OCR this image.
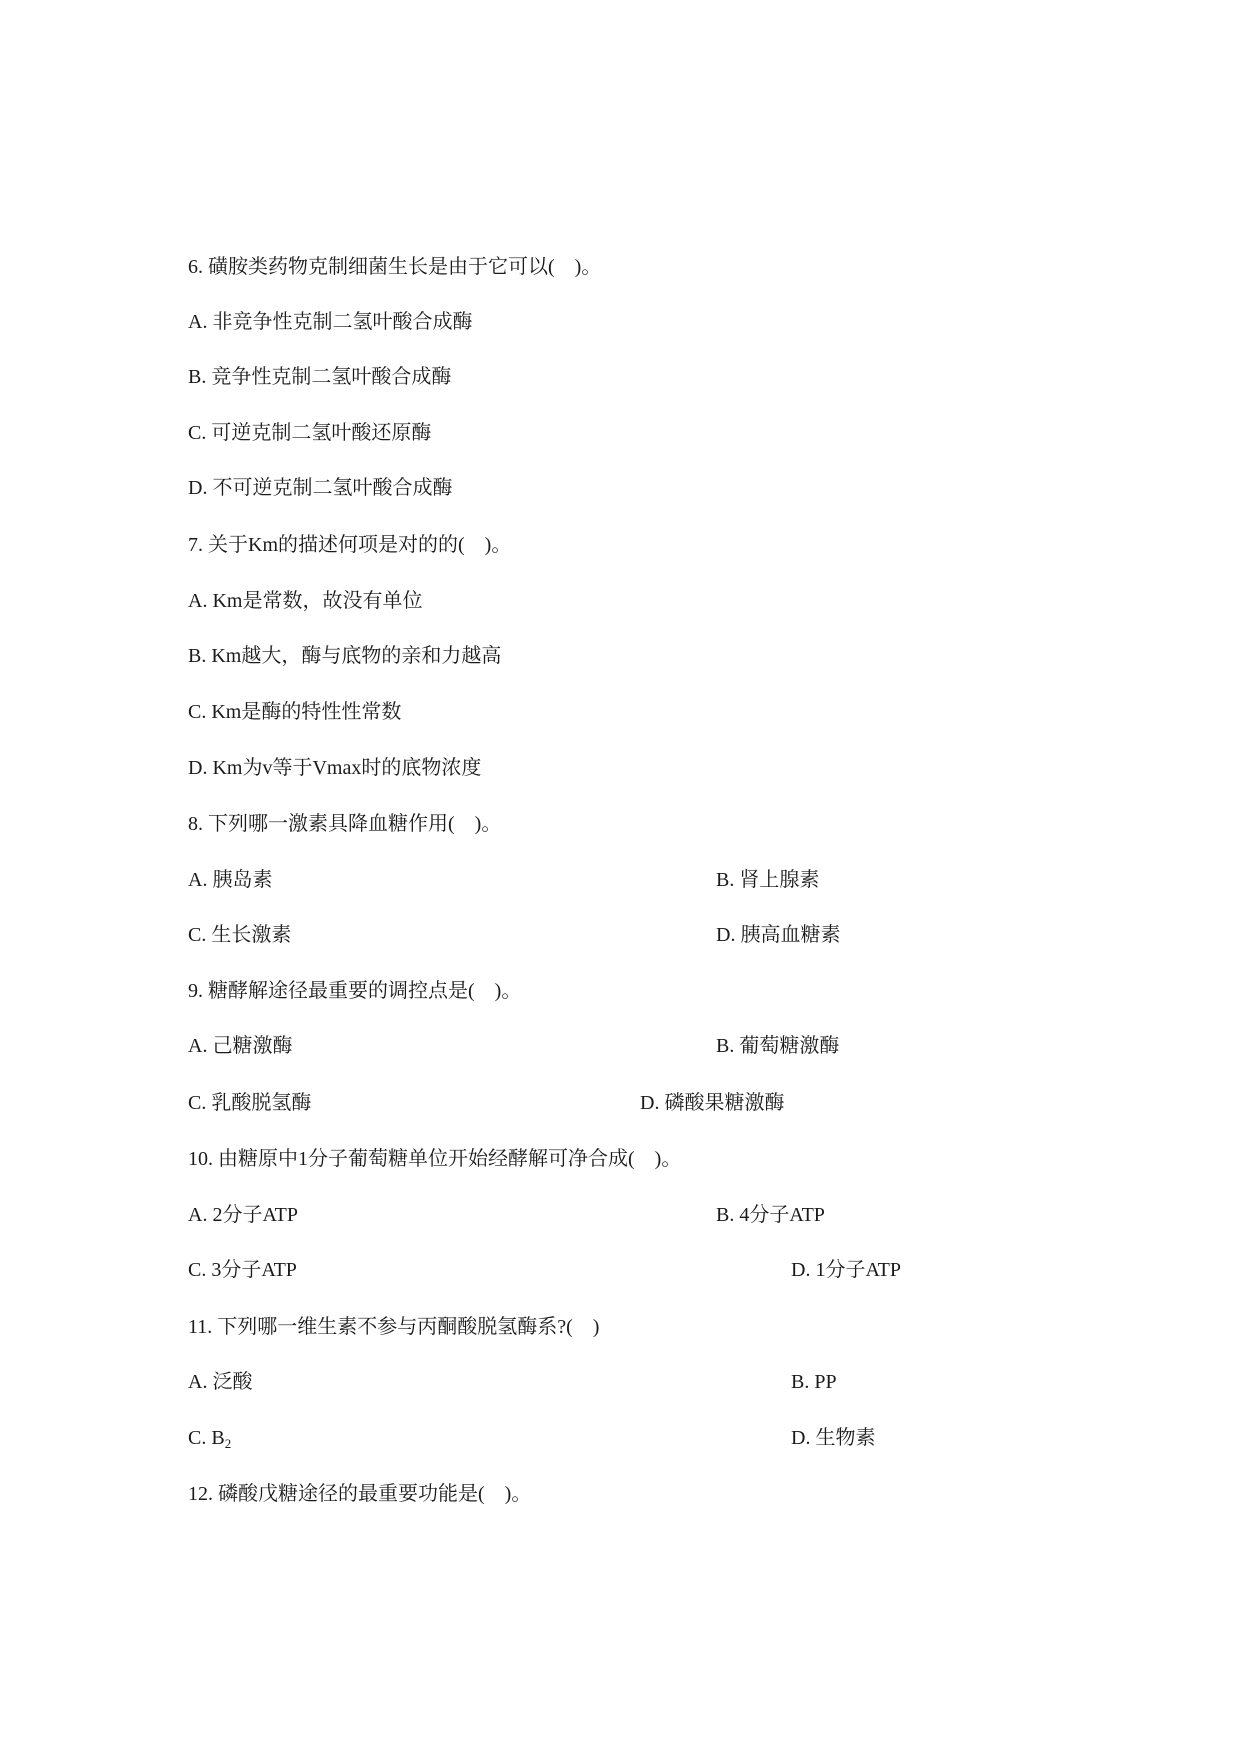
6. 磺胺类药物克制细菌生长是由于它可以(    )。
A. 非竞争性克制二氢叶酸合成酶
B. 竞争性克制二氢叶酸合成酶
C. 可逆克制二氢叶酸还原酶
D. 不可逆克制二氢叶酸合成酶
7. 关于Km的描述何项是对的的(    )。
A. Km是常数，故没有单位
B. Km越大，酶与底物的亲和力越高
C. Km是酶的特性性常数
D. Km为v等于Vmax时的底物浓度
8. 下列哪一激素具降血糖作用(    )。
A. 胰岛素	B. 肾上腺素
C. 生长激素	D. 胰高血糖素
9. 糖酵解途径最重要的调控点是(    )。
A. 己糖激酶	B. 葡萄糖激酶
C. 乳酸脱氢酶	D. 磷酸果糖激酶
10. 由糖原中1分子葡萄糖单位开始经酵解可净合成(    )。
A. 2分子ATP	B. 4分子ATP
C. 3分子ATP	D. 1分子ATP
11. 下列哪一维生素不参与丙酮酸脱氢酶系?(    )
A. 泛酸	B. PP
C. $B_2$	D. 生物素
12. 磷酸戊糖途径的最重要功能是(    )。
